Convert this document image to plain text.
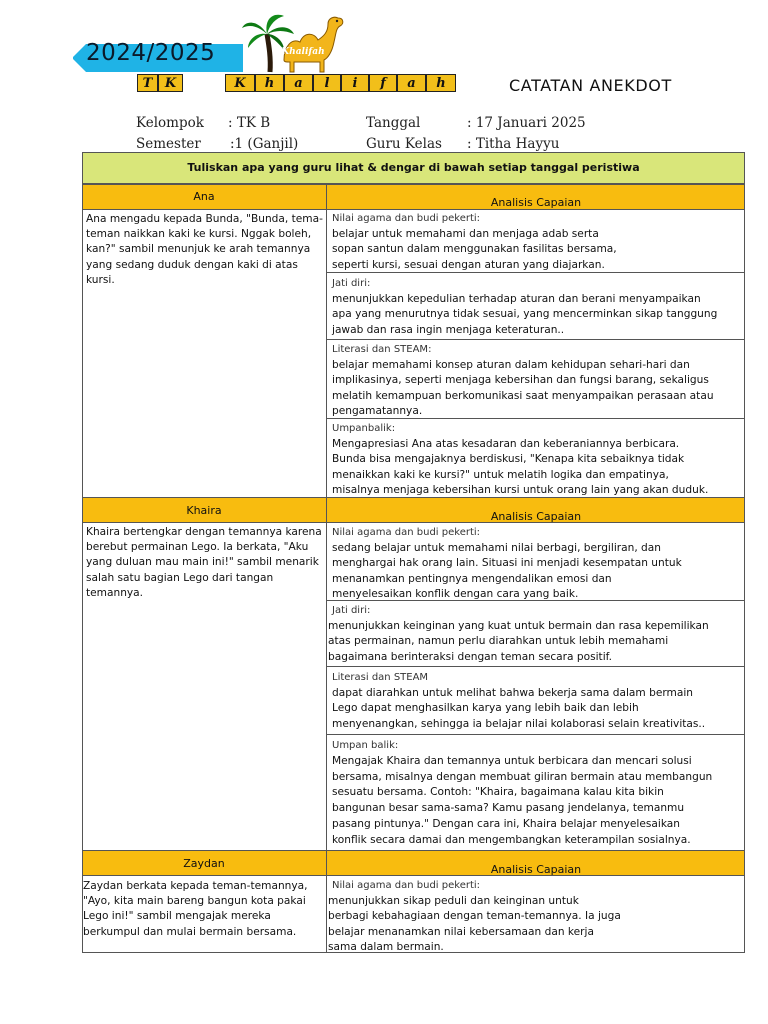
2024/2025	Khalifah
T K	K	h	a	l	i	f	a	h	CATATAN ANEKDOT
Kelompok : TK B
Semester :1 (Ganjil)
Tanggal	: 17 Januari 2025
Guru Kelas : Titha Hayyu
Tuliskan apa yang guru lihat & dengar di bawah setiap tanggal peristiwa
Ana	Analisis Capaian
Ana mengadu kepada Bunda, "Bunda, tema-teman naikkan kaki ke kursi. Nggak boleh, kan?" sambil menunjuk ke arah temannya yang sedang duduk dengan kaki di atas kursi.
Nilai agama dan budi pekerti:
belajar untuk memahami dan menjaga adab serta
sopan santun dalam menggunakan fasilitas bersama,
seperti kursi, sesuai dengan aturan yang diajarkan.
Jati diri:
menunjukkan kepedulian terhadap aturan dan berani menyampaikan
apa yang menurutnya tidak sesuai, yang mencerminkan sikap tanggung
jawab dan rasa ingin menjaga keteraturan..
Literasi dan STEAM:
belajar memahami konsep aturan dalam kehidupan sehari-hari dan
implikasinya, seperti menjaga kebersihan dan fungsi barang, sekaligus
melatih kemampuan berkomunikasi saat menyampaikan perasaan atau
pengamatannya.
Umpanbalik:
Mengapresiasi Ana atas kesadaran dan keberaniannya berbicara.
Bunda bisa mengajaknya berdiskusi, "Kenapa kita sebaiknya tidak
menaikkan kaki ke kursi?" untuk melatih logika dan empatinya,
misalnya menjaga kebersihan kursi untuk orang lain yang akan duduk.
Khaira	Analisis Capaian
Khaira bertengkar dengan temannya karena berebut permainan Lego. Ia berkata, "Aku yang duluan mau main ini!" sambil menarik salah satu bagian Lego dari tangan temannya.
Nilai agama dan budi pekerti:
sedang belajar untuk memahami nilai berbagi, bergiliran, dan
menghargai hak orang lain. Situasi ini menjadi kesempatan untuk
menanamkan pentingnya mengendalikan emosi dan
menyelesaikan konflik dengan cara yang baik.
Jati diri:
menunjukkan keinginan yang kuat untuk bermain dan rasa kepemilikan
atas permainan, namun perlu diarahkan untuk lebih memahami
bagaimana berinteraksi dengan teman secara positif.
Literasi dan STEAM
dapat diarahkan untuk melihat bahwa bekerja sama dalam bermain
Lego dapat menghasilkan karya yang lebih baik dan lebih
menyenangkan, sehingga ia belajar nilai kolaborasi selain kreativitas..
Umpan balik:
Mengajak Khaira dan temannya untuk berbicara dan mencari solusi
bersama, misalnya dengan membuat giliran bermain atau membangun
sesuatu bersama. Contoh: "Khaira, bagaimana kalau kita bikin
bangunan besar sama-sama? Kamu pasang jendelanya, temanmu
pasang pintunya." Dengan cara ini, Khaira belajar menyelesaikan
konflik secara damai dan mengembangkan keterampilan sosialnya.
Zaydan	Analisis Capaian
Zaydan berkata kepada teman-temannya, "Ayo, kita main bareng bangun kota pakai Lego ini!" sambil mengajak mereka berkumpul dan mulai bermain bersama.
Nilai agama dan budi pekerti:
menunjukkan sikap peduli dan keinginan untuk
berbagi kebahagiaan dengan teman-temannya. Ia juga
belajar menanamkan nilai kebersamaan dan kerja
sama dalam bermain.
